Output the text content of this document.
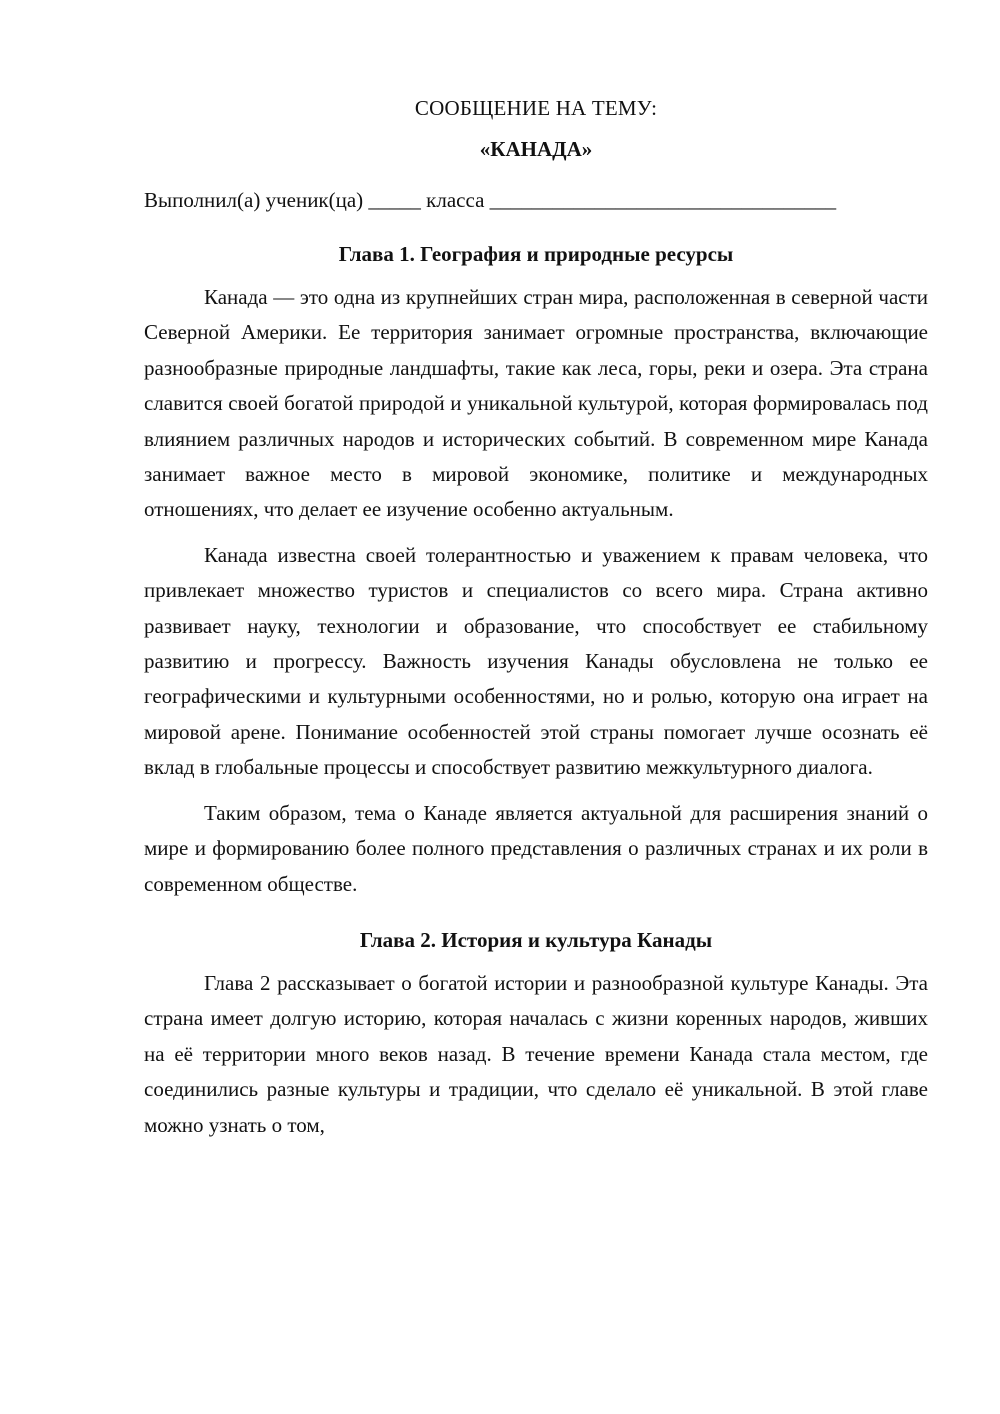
СООБЩЕНИЕ НА ТЕМУ:
«КАНАДА»
Выполнил(а) ученик(ца) _____ класса _________________________________
Глава 1. География и природные ресурсы

Канада — это одна из крупнейших стран мира, расположенная в северной части Северной Америки. Ее территория занимает огромные пространства, включающие разнообразные природные ландшафты, такие как леса, горы, реки и озера. Эта страна славится своей богатой природой и уникальной культурой, которая формировалась под влиянием различных народов и исторических событий. В современном мире Канада занимает важное место в мировой экономике, политике и международных отношениях, что делает ее изучение особенно актуальным.

Канада известна своей толерантностью и уважением к правам человека, что привлекает множество туристов и специалистов со всего мира. Страна активно развивает науку, технологии и образование, что способствует ее стабильному развитию и прогрессу. Важность изучения Канады обусловлена не только ее географическими и культурными особенностями, но и ролью, которую она играет на мировой арене. Понимание особенностей этой страны помогает лучше осознать её вклад в глобальные процессы и способствует развитию межкультурного диалога.

Таким образом, тема о Канаде является актуальной для расширения знаний о мире и формированию более полного представления о различных странах и их роли в современном обществе.

Глава 2. История и культура Канады

Глава 2 рассказывает о богатой истории и разнообразной культуре Канады. Эта страна имеет долгую историю, которая началась с жизни коренных народов, живших на её территории много веков назад. В течение времени Канада стала местом, где соединились разные культуры и традиции, что сделало её уникальной. В этой главе можно узнать о том,
